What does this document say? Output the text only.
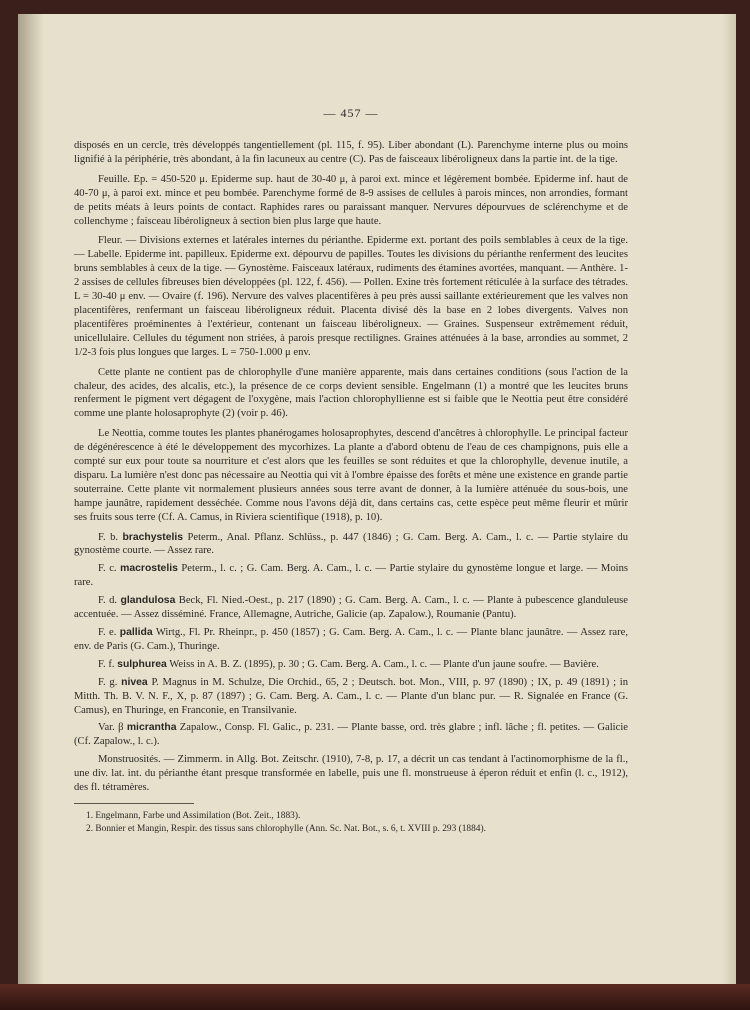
— 457 —

disposés en un cercle, très développés tangentiellement (pl. 115, f. 95). Liber abondant (L). Parenchyme interne plus ou moins lignifié à la périphérie, très abondant, à la fin lacuneux au centre (C). Pas de faisceaux libéroligneux dans la partie int. de la tige.

Feuille. Ep. = 450-520 μ. Epiderme sup. haut de 30-40 μ, à paroi ext. mince et légèrement bombée. Epiderme inf. haut de 40-70 μ, à paroi ext. mince et peu bombée. Parenchyme formé de 8-9 assises de cellules à parois minces, non arrondies, formant de petits méats à leurs points de contact. Raphides rares ou paraissant manquer. Nervures dépourvues de sclérenchyme et de collenchyme ; faisceau libéroligneux à section bien plus large que haute.

Fleur. — Divisions externes et latérales internes du périanthe. Epiderme ext. portant des poils semblables à ceux de la tige. — Labelle. Epiderme int. papilleux. Epiderme ext. dépourvu de papilles. Toutes les divisions du périanthe renferment des leucites bruns semblables à ceux de la tige. — Gynostème. Faisceaux latéraux, rudiments des étamines avortées, manquant. — Anthère. 1-2 assises de cellules fibreuses bien développées (pl. 122, f. 456). — Pollen. Exine très fortement réticulée à la surface des tétrades. L = 30-40 μ env. — Ovaire (f. 196). Nervure des valves placentifères à peu près aussi saillante extérieurement que les valves non placentifères, renfermant un faisceau libéroligneux réduit. Placenta divisé dès la base en 2 lobes divergents. Valves non placentifères proéminentes à l'extérieur, contenant un faisceau libéroligneux. — Graines. Suspenseur extrêmement réduit, unicellulaire. Cellules du tégument non striées, à parois presque rectilignes. Graines atténuées à la base, arrondies au sommet, 2 1/2-3 fois plus longues que larges. L = 750-1.000 μ env.

Cette plante ne contient pas de chlorophylle d'une manière apparente, mais dans certaines conditions (sous l'action de la chaleur, des acides, des alcalis, etc.), la présence de ce corps devient sensible. Engelmann (1) a montré que les leucites bruns renferment le pigment vert dégagent de l'oxygène, mais l'action chlorophyllienne est si faible que le Neottia peut être considéré comme une plante holosaprophyte (2) (voir p. 46).

Le Neottia, comme toutes les plantes phanérogames holosaprophytes, descend d'ancêtres à chlorophylle. Le principal facteur de dégénérescence à été le développement des mycorhizes. La plante a d'abord obtenu de l'eau de ces champignons, puis elle a compté sur eux pour toute sa nourriture et c'est alors que les feuilles se sont réduites et que la chlorophylle, devenue inutile, a disparu. La lumière n'est donc pas nécessaire au Neottia qui vit à l'ombre épaisse des forêts et mène une existence en grande partie souterraine. Cette plante vit normalement plusieurs années sous terre avant de donner, à la lumière atténuée du sous-bois, une hampe jaunâtre, rapidement desséchée. Comme nous l'avons déjà dit, dans certains cas, cette espèce peut même fleurir et mûrir ses fruits sous terre (Cf. A. Camus, in Riviera scientifique (1918), p. 10).

F. b. brachystelis Peterm., Anal. Pflanz. Schlüss., p. 447 (1846) ; G. Cam. Berg. A. Cam., l. c. — Partie stylaire du gynostème courte. — Assez rare.

F. c. macrostelis Peterm., l. c. ; G. Cam. Berg. A. Cam., l. c. — Partie stylaire du gynostème longue et large. — Moins rare.

F. d. glandulosa Beck, Fl. Nied.-Oest., p. 217 (1890) ; G. Cam. Berg. A. Cam., l. c. — Plante à pubescence glanduleuse accentuée. — Assez disséminé. France, Allemagne, Autriche, Galicie (ap. Zapalow.), Roumanie (Pantu).

F. e. pallida Wirtg., Fl. Pr. Rheinpr., p. 450 (1857) ; G. Cam. Berg. A. Cam., l. c. — Plante blanc jaunâtre. — Assez rare, env. de Paris (G. Cam.), Thuringe.

F. f. sulphurea Weiss in A. B. Z. (1895), p. 30 ; G. Cam. Berg. A. Cam., l. c. — Plante d'un jaune soufre. — Bavière.

F. g. nivea P. Magnus in M. Schulze, Die Orchid., 65, 2 ; Deutsch. bot. Mon., VIII, p. 97 (1890) ; IX, p. 49 (1891) ; in Mitth. Th. B. V. N. F., X, p. 87 (1897) ; G. Cam. Berg. A. Cam., l. c. — Plante d'un blanc pur. — R. Signalée en France (G. Camus), en Thuringe, en Franconie, en Transilvanie.

Var. β micrantha Zapalow., Consp. Fl. Galic., p. 231. — Plante basse, ord. très glabre ; infl. lâche ; fl. petites. — Galicie (Cf. Zapalow., l. c.).

Monstruosités. — Zimmerm. in Allg. Bot. Zeitschr. (1910), 7-8, p. 17, a décrit un cas tendant à l'actinomorphisme de la fl., une div. lat. int. du périanthe étant presque transformée en labelle, puis une fl. monstrueuse à éperon réduit et enfin (l. c., 1912), des fl. tétramères.

1. Engelmann, Farbe und Assimilation (Bot. Zeit., 1883).

2. Bonnier et Mangin, Respir. des tissus sans chlorophylle (Ann. Sc. Nat. Bot., s. 6, t. XVIII p. 293 (1884).
